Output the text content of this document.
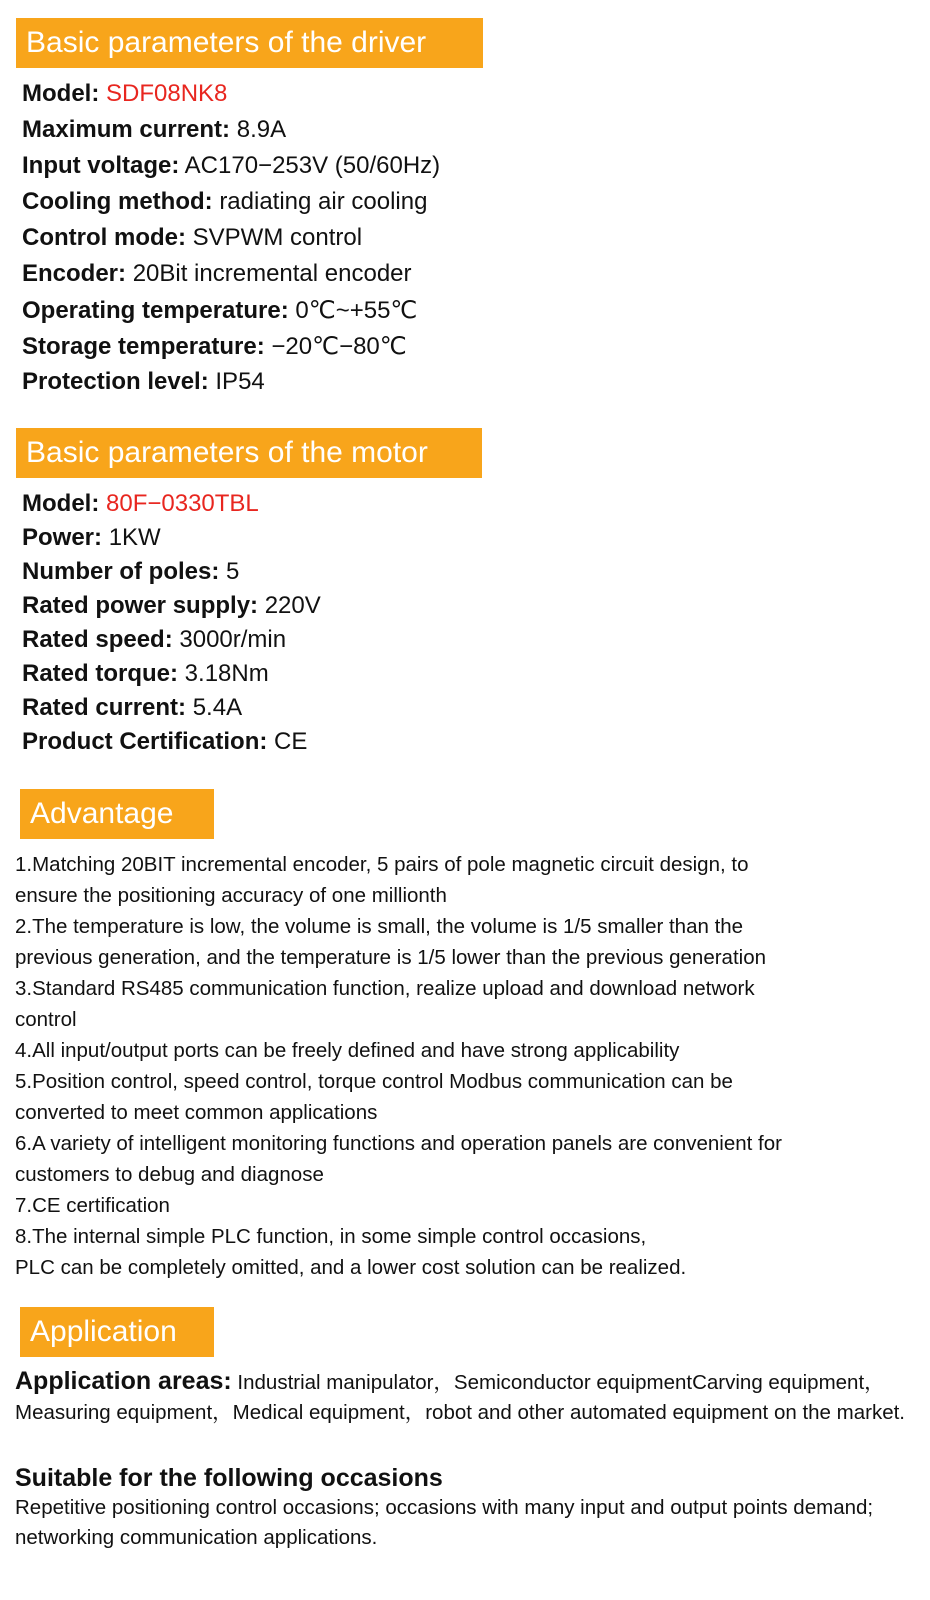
Basic parameters of the driver
Model: SDF08NK8
Maximum current: 8.9A
Input voltage: AC170−253V (50/60Hz)
Cooling method: radiating air cooling
Control mode: SVPWM control
Encoder: 20Bit incremental encoder
Operating temperature: 0℃~+55℃
Storage temperature: −20℃−80℃
Protection level: IP54
Basic parameters of the motor
Model: 80F−0330TBL
Power: 1KW
Number of poles: 5
Rated power supply: 220V
Rated speed: 3000r/min
Rated torque: 3.18Nm
Rated current: 5.4A
Product Certification: CE
Advantage
1.Matching 20BIT incremental encoder, 5 pairs of pole magnetic circuit design, to
ensure the positioning accuracy of one millionth
2.The temperature is low, the volume is small, the volume is 1/5 smaller than the
previous generation, and the temperature is 1/5 lower than the previous generation
3.Standard RS485 communication function, realize upload and download network
control
4.All input/output ports can be freely defined and have strong applicability
5.Position control, speed control, torque control Modbus communication can be
converted to meet common applications
6.A variety of intelligent monitoring functions and operation panels are convenient for
customers to debug and diagnose
7.CE certification
8.The internal simple PLC function, in some simple control occasions,
PLC can be completely omitted, and a lower cost solution can be realized.
Application
Application areas: Industrial manipulator，Semiconductor equipmentCarving equipment，Measuring equipment，Medical equipment，robot and other automated equipment on the market.
Suitable for the following occasions
Repetitive positioning control occasions; occasions with many input and output points demand; networking communication applications.
